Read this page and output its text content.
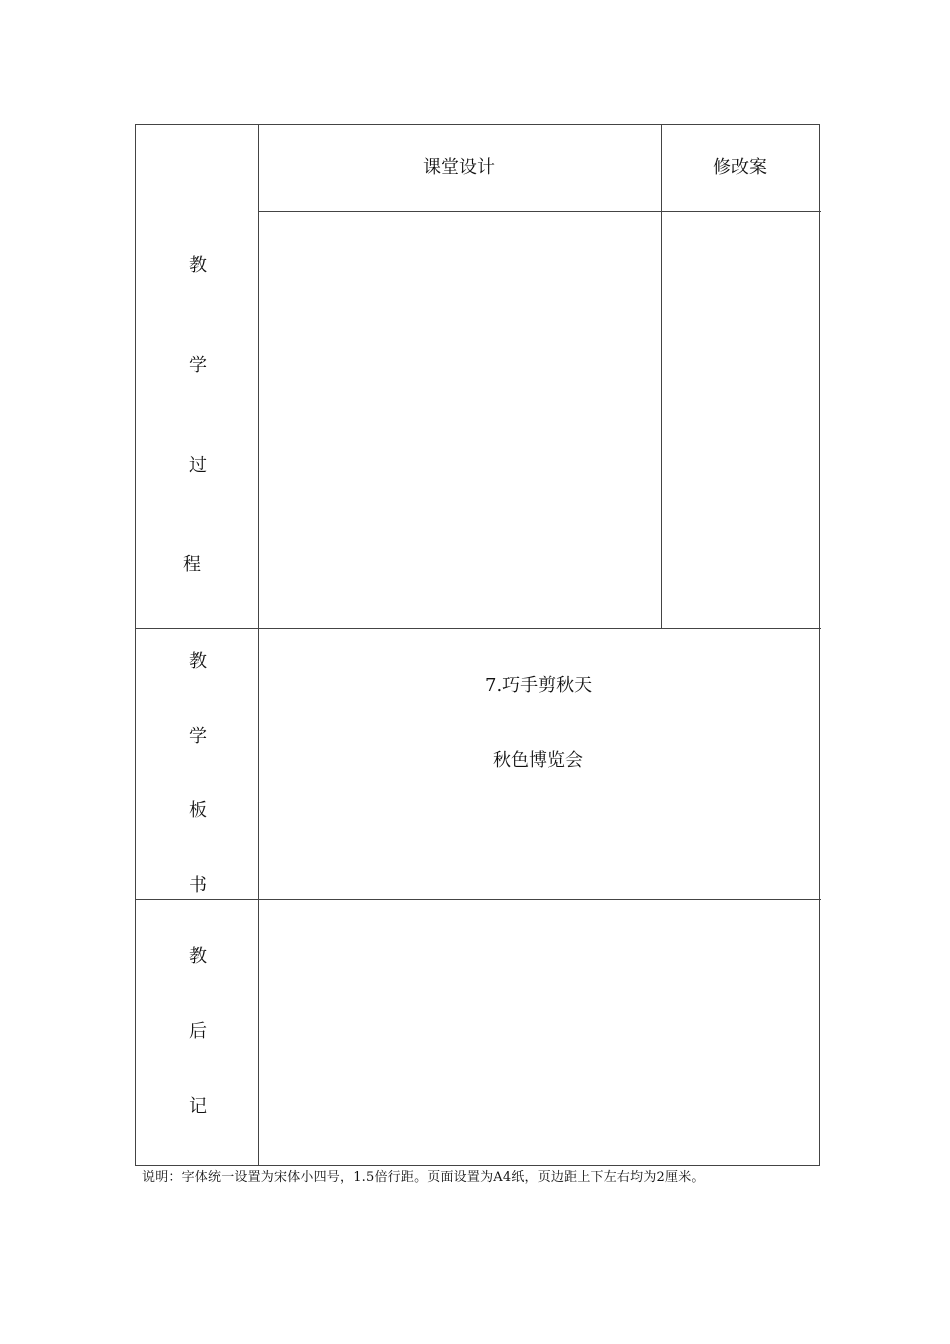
课堂设计	修改案
教
学
过
程
教
学
板
书
7.巧手剪秋天
秋色博览会
教
后
记
说明：字体统一设置为宋体小四号，1.5倍行距。页面设置为A4纸，页边距上下左右均为2厘米。
